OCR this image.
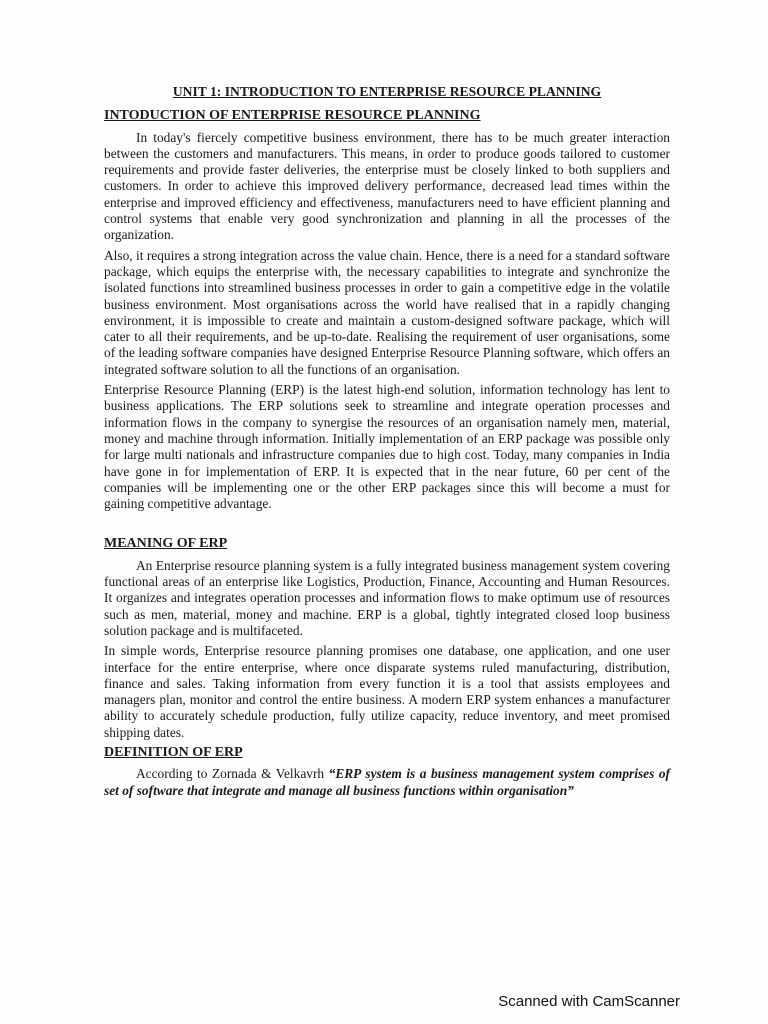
UNIT 1: INTRODUCTION TO ENTERPRISE RESOURCE PLANNING
INTODUCTION OF ENTERPRISE RESOURCE PLANNING

In today's fiercely competitive business environment, there has to be much greater interaction between the customers and manufacturers. This means, in order to produce goods tailored to customer requirements and provide faster deliveries, the enterprise must be closely linked to both suppliers and customers. In order to achieve this improved delivery performance, decreased lead times within the enterprise and improved efficiency and effectiveness, manufacturers need to have efficient planning and control systems that enable very good synchronization and planning in all the processes of the organization.

Also, it requires a strong integration across the value chain. Hence, there is a need for a standard software package, which equips the enterprise with, the necessary capabilities to integrate and synchronize the isolated functions into streamlined business processes in order to gain a competitive edge in the volatile business environment. Most organisations across the world have realised that in a rapidly changing environment, it is impossible to create and maintain a custom-designed software package, which will cater to all their requirements, and be up-to-date. Realising the requirement of user organisations, some of the leading software companies have designed Enterprise Resource Planning software, which offers an integrated software solution to all the functions of an organisation.

Enterprise Resource Planning (ERP) is the latest high-end solution, information technology has lent to business applications. The ERP solutions seek to streamline and integrate operation processes and information flows in the company to synergise the resources of an organisation namely men, material, money and machine through information. Initially implementation of an ERP package was possible only for large multi nationals and infrastructure companies due to high cost. Today, many companies in India have gone in for implementation of ERP. It is expected that in the near future, 60 per cent of the companies will be implementing one or the other ERP packages since this will become a must for gaining competitive advantage.

MEANING OF ERP

An Enterprise resource planning system is a fully integrated business management system covering functional areas of an enterprise like Logistics, Production, Finance, Accounting and Human Resources. It organizes and integrates operation processes and information flows to make optimum use of resources such as men, material, money and machine. ERP is a global, tightly integrated closed loop business solution package and is multifaceted.

In simple words, Enterprise resource planning promises one database, one application, and one user interface for the entire enterprise, where once disparate systems ruled manufacturing, distribution, finance and sales. Taking information from every function it is a tool that assists employees and managers plan, monitor and control the entire business. A modern ERP system enhances a manufacturer ability to accurately schedule production, fully utilize capacity, reduce inventory, and meet promised shipping dates.

DEFINITION OF ERP

According to Zornada & Velkavrh “ERP system is a business management system comprises of set of software that integrate and manage all business functions within organisation”

Scanned with CamScanner
